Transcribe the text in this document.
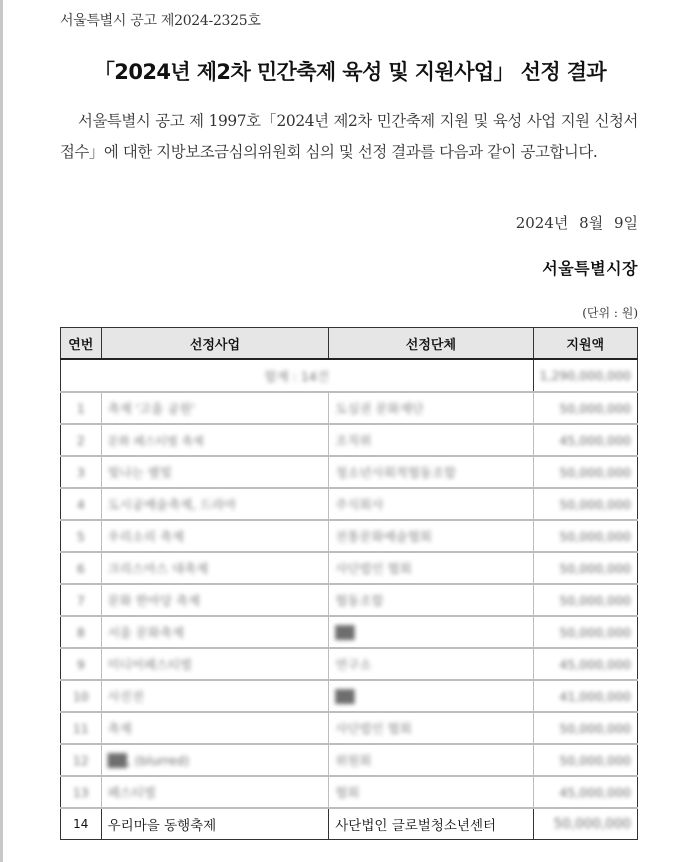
서울특별시 공고 제2024-2325호
「2024년 제2차 민간축제 육성 및 지원사업」 선정 결과
서울특별시 공고 제 1997호「2024년 제2차 민간축제 지원 및 육성 사업 지원 신청서 접수」에 대한 지방보조금심의위원회 심의 및 선정 결과를 다음과 같이 공고합니다.
2024년 8월 9일
서울특별시장
(단위 : 원)
연번	선정사업	선정단체	지원액
합계 : 14건			1,290,000,000
1	축제 '고을 공원'	도심권 문화재단	50,000,000
2	문화 페스티벌 축제	조직위	45,000,000
3	빛나는 별빛	청소년사회적협동조합	50,000,000
4	도시공예술축제, 드라마	주식회사	50,000,000
5	우리소리 축제	전통문화예술협회	50,000,000
6	크리스마스 대축제	사단법인 협회	50,000,000
7	문화 한마당 축제	협동조합	50,000,000
8	서울 문화축제	██	50,000,000
9	미디어페스티벌	연구소	45,000,000
10	사진전	██	41,000,000
11	축제	사단법인 협회	50,000,000
12	██, (blurred)	위원회	50,000,000
13	페스티벌	협회	45,000,000
14	우리마을 동행축제	사단법인 글로벌청소년센터	50,000,000
